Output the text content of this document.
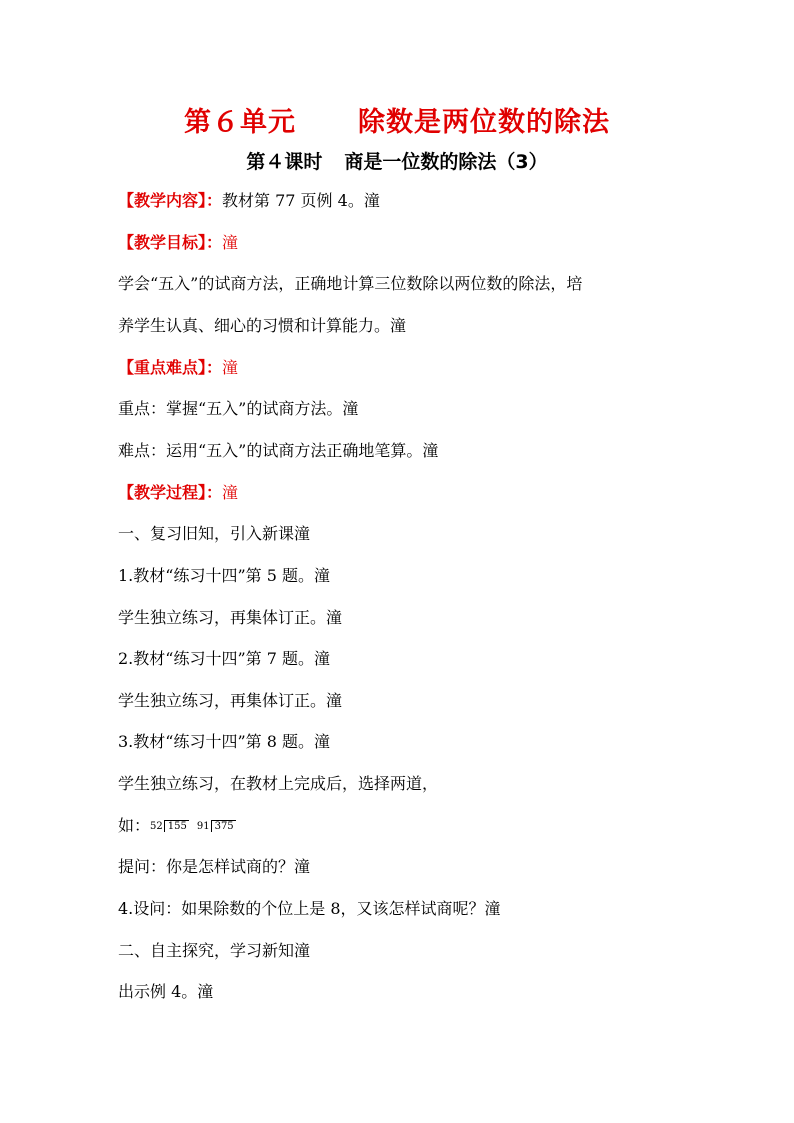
第６单元 除数是两位数的除法
第４课时 商是一位数的除法（3）
【教学内容】：教材第 77 页例 4。潼
【教学目标】：潼
学会“五入”的试商方法，正确地计算三位数除以两位数的除法，培
养学生认真、细心的习惯和计算能力。潼
【重点难点】：潼
重点：掌握“五入”的试商方法。潼
难点：运用“五入”的试商方法正确地笔算。潼
【教学过程】：潼
一、复习旧知，引入新课潼
1.教材“练习十四”第 5 题。潼
学生独立练习，再集体订正。潼
2.教材“练习十四”第 7 题。潼
学生独立练习，再集体订正。潼
3.教材“练习十四”第 8 题。潼
学生独立练习，在教材上完成后，选择两道，
如：52 155 91 375
提问：你是怎样试商的？潼
4.设问：如果除数的个位上是 8，又该怎样试商呢？潼
二、自主探究，学习新知潼
出示例 4。潼
